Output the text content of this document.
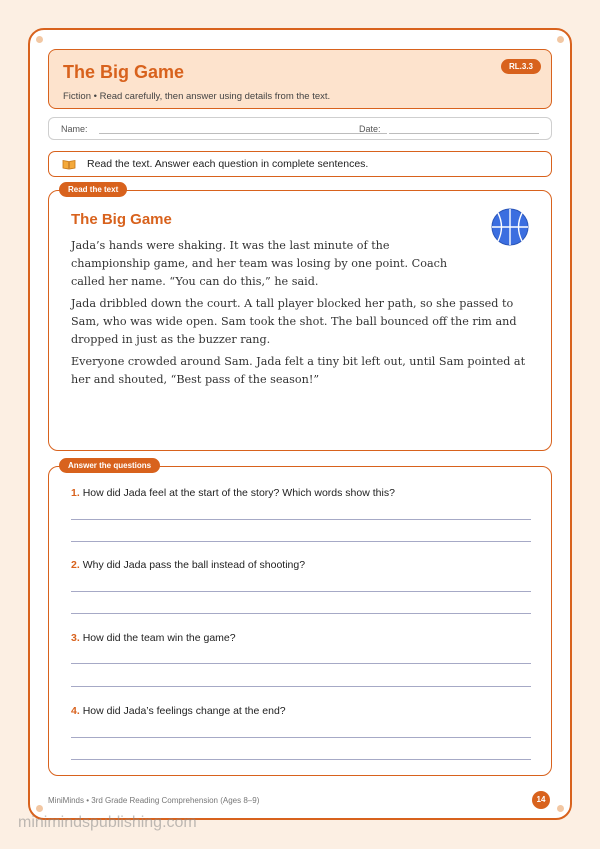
The Big Game
Fiction • Read carefully, then answer using details from the text.
RL.3.3
Name:	Date:
Read the text. Answer each question in complete sentences.
Read the text
The Big Game

Jada’s hands were shaking. It was the last minute of the championship game, and her team was losing by one point. Coach called her name. “You can do this,” he said.

Jada dribbled down the court. A tall player blocked her path, so she passed to Sam, who was wide open. Sam took the shot. The ball bounced off the rim and dropped in just as the buzzer rang.

Everyone crowded around Sam. Jada felt a tiny bit left out, until Sam pointed at her and shouted, “Best pass of the season!”

Answer the questions
1. How did Jada feel at the start of the story? Which words show this?
2. Why did Jada pass the ball instead of shooting?
3. How did the team win the game?
4. How did Jada’s feelings change at the end?
MiniMinds • 3rd Grade Reading Comprehension (Ages 8–9)	14
minimindspublishing.com
